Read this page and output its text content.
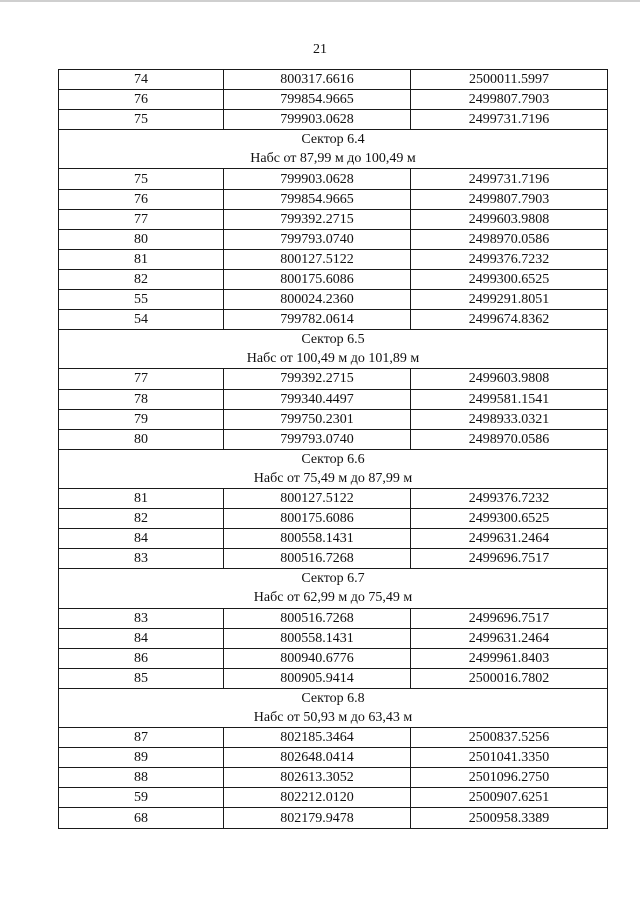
21
74	800317.6616	2500011.5997
76	799854.9665	2499807.7903
75	799903.0628	2499731.7196
Сектор 6.4		
Набс от 87,99 м до 100,49 м		
75	799903.0628	2499731.7196
76	799854.9665	2499807.7903
77	799392.2715	2499603.9808
80	799793.0740	2498970.0586
81	800127.5122	2499376.7232
82	800175.6086	2499300.6525
55	800024.2360	2499291.8051
54	799782.0614	2499674.8362
Сектор 6.5		
Набс от 100,49 м до 101,89 м		
77	799392.2715	2499603.9808
78	799340.4497	2499581.1541
79	799750.2301	2498933.0321
80	799793.0740	2498970.0586
Сектор 6.6		
Набс от 75,49 м до 87,99 м		
81	800127.5122	2499376.7232
82	800175.6086	2499300.6525
84	800558.1431	2499631.2464
83	800516.7268	2499696.7517
Сектор 6.7		
Набс от 62,99 м до 75,49 м		
83	800516.7268	2499696.7517
84	800558.1431	2499631.2464
86	800940.6776	2499961.8403
85	800905.9414	2500016.7802
Сектор 6.8		
Набс от 50,93 м до 63,43 м		
87	802185.3464	2500837.5256
89	802648.0414	2501041.3350
88	802613.3052	2501096.2750
59	802212.0120	2500907.6251
68	802179.9478	2500958.3389
